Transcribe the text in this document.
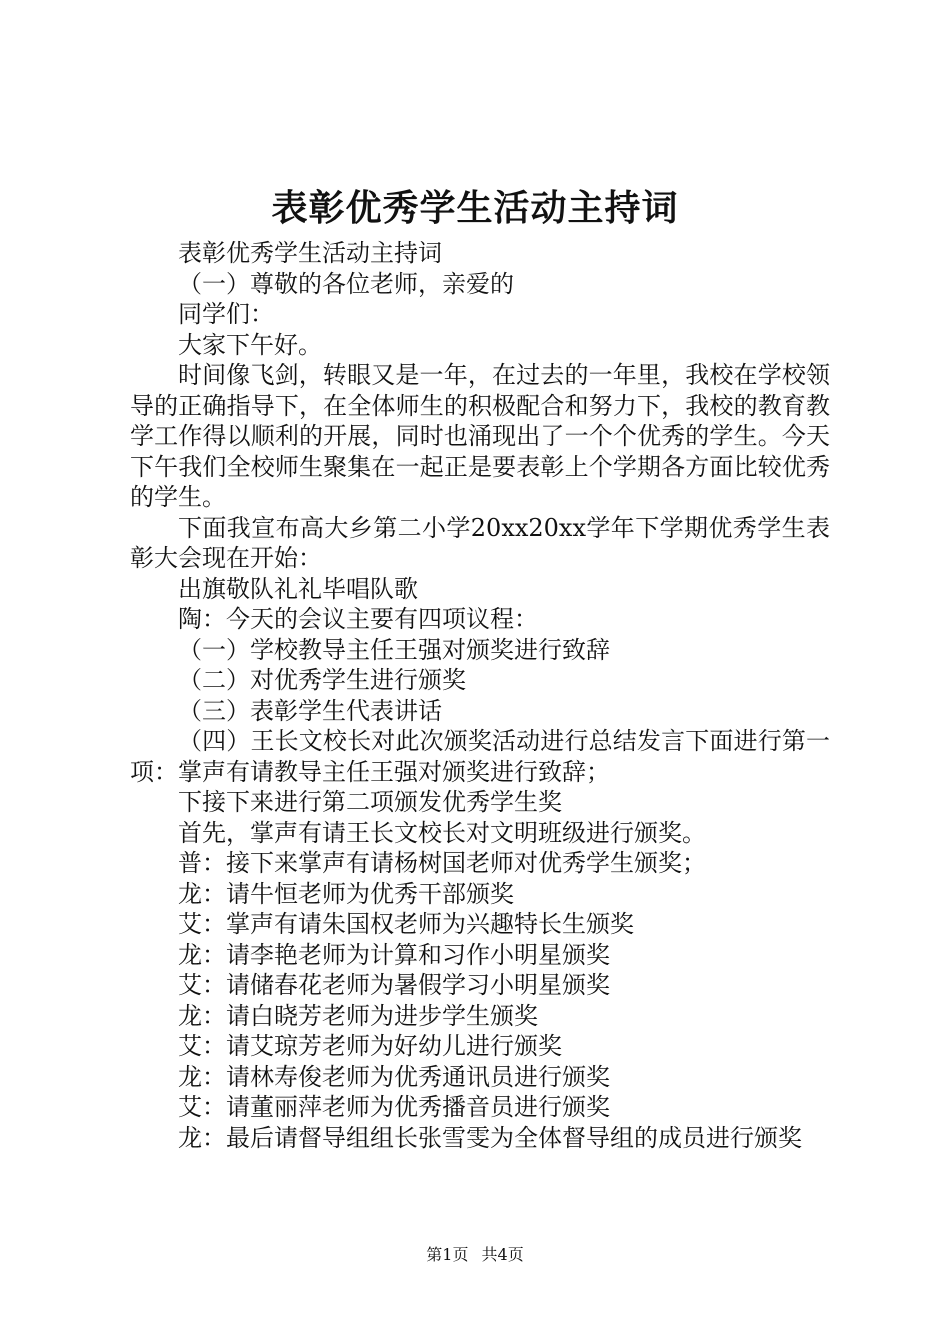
表彰优秀学生活动主持词

表彰优秀学生活动主持词

（一）尊敬的各位老师，亲爱的

同学们：

大家下午好。

时间像飞剑，转眼又是一年，在过去的一年里，我校在学校领导的正确指导下，在全体师生的积极配合和努力下，我校的教育教学工作得以顺利的开展，同时也涌现出了一个个优秀的学生。今天下午我们全校师生聚集在一起正是要表彰上个学期各方面比较优秀的学生。

下面我宣布高大乡第二小学20xx20xx学年下学期优秀学生表彰大会现在开始：

出旗敬队礼礼毕唱队歌

陶：今天的会议主要有四项议程：

（一）学校教导主任王强对颁奖进行致辞

（二）对优秀学生进行颁奖

（三）表彰学生代表讲话

（四）王长文校长对此次颁奖活动进行总结发言下面进行第一项：掌声有请教导主任王强对颁奖进行致辞；

下接下来进行第二项颁发优秀学生奖

首先，掌声有请王长文校长对文明班级进行颁奖。

普：接下来掌声有请杨树国老师对优秀学生颁奖；

龙：请牛恒老师为优秀干部颁奖

艾：掌声有请朱国权老师为兴趣特长生颁奖

龙：请李艳老师为计算和习作小明星颁奖

艾：请储春花老师为暑假学习小明星颁奖

龙：请白晓芳老师为进步学生颁奖

艾：请艾琼芳老师为好幼儿进行颁奖

龙：请林寿俊老师为优秀通讯员进行颁奖

艾：请董丽萍老师为优秀播音员进行颁奖

龙：最后请督导组组长张雪雯为全体督导组的成员进行颁奖

第1页 共4页
